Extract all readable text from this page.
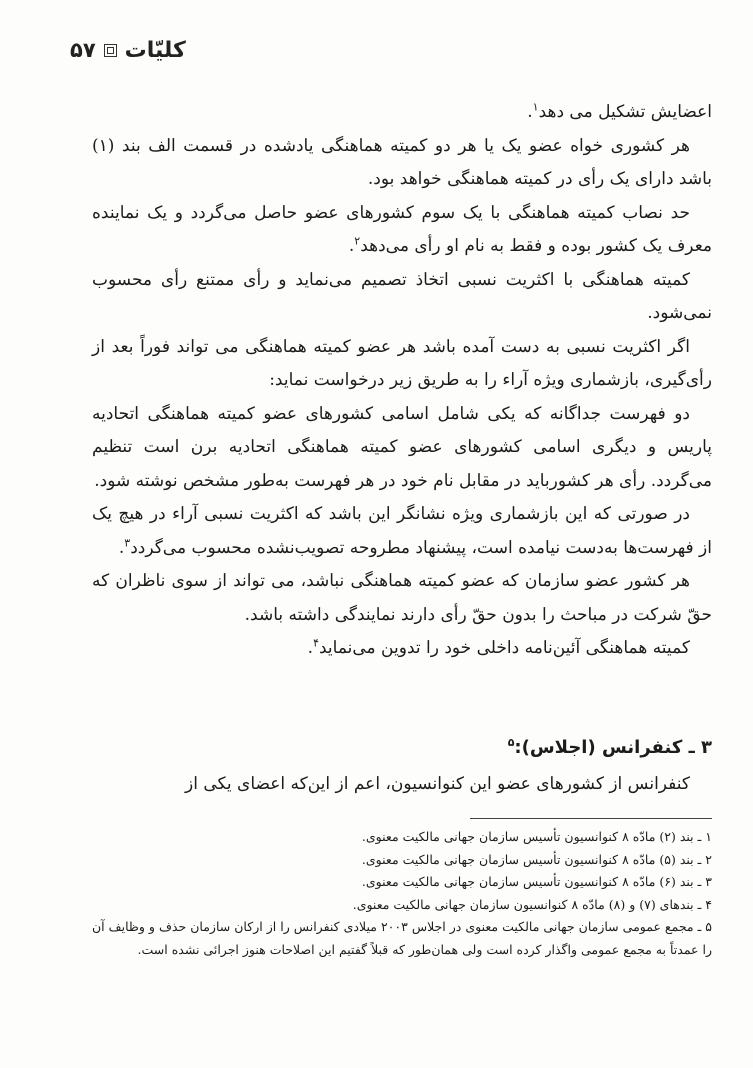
۵۷ کلیّات

اعضایش تشکیل می دهد$^۱$.

هر کشوری خواه عضو یک یا هر دو کمیته هماهنگی یادشده در قسمت الف بند (۱) باشد دارای یک رأی در کمیته هماهنگی خواهد بود.

حد نصاب کمیته هماهنگی با یک سوم کشورهای عضو حاصل می‌گردد و یک نماینده معرف یک کشور بوده و فقط به نام او رأی می‌دهد$^۲$.

کمیته هماهنگی با اکثریت نسبی اتخاذ تصمیم می‌نماید و رأی ممتنع رأی محسوب نمی‌شود.

اگر اکثریت نسبی به دست آمده باشد هر عضو کمیته هماهنگی می تواند فوراً بعد از رأی‌گیری، بازشماری ویژه آراء را به طریق زیر درخواست نماید:

دو فهرست جداگانه که یکی شامل اسامی کشورهای عضو کمیته هماهنگی اتحادیه پاریس و دیگری اسامی کشورهای عضو کمیته هماهنگی اتحادیه برن است تنظیم می‌گردد. رأی هر کشورباید در مقابل نام خود در هر فهرست به‌طور مشخص نوشته شود.

در صورتی که این بازشماری ویژه نشانگر این باشد که اکثریت نسبی آراء در هیچ یک از فهرست‌ها به‌دست نیامده است، پیشنهاد مطروحه تصویب‌نشده محسوب می‌گردد$^۳$.

هر کشور عضو سازمان که عضو کمیته هماهنگی نباشد، می تواند از سوی ناظران که حقّ شرکت در مباحث را بدون حقّ رأی دارند نمایندگی داشته باشد.

کمیته هماهنگی آئین‌نامه داخلی خود را تدوین می‌نماید$^۴$.

۳ ـ کنفرانس (اجلاس):$^۵$
کنفرانس از کشورهای عضو این کنوانسیون، اعم از این‌که اعضای یکی از

۱ ـ بند (۲) مادّه ۸ کنوانسیون تأسیس سازمان جهانی مالکیت معنوی.

۲ ـ بند (۵) مادّه ۸ کنوانسیون تأسیس سازمان جهانی مالکیت معنوی.

۳ ـ بند (۶) مادّه ۸ کنوانسیون تأسیس سازمان جهانی مالکیت معنوی.

۴ ـ بندهای (۷) و (۸) مادّه ۸ کنوانسیون سازمان جهانی مالکیت معنوی.

۵ ـ مجمع عمومی سازمان جهانی مالکیت معنوی در اجلاس ۲۰۰۳ میلادی کنفرانس را از ارکان سازمان حذف و وظایف آن را عمدتاً به مجمع عمومی واگذار کرده است ولی همان‌طور که قبلاً گفتیم این اصلاحات هنوز اجرائی نشده است.
